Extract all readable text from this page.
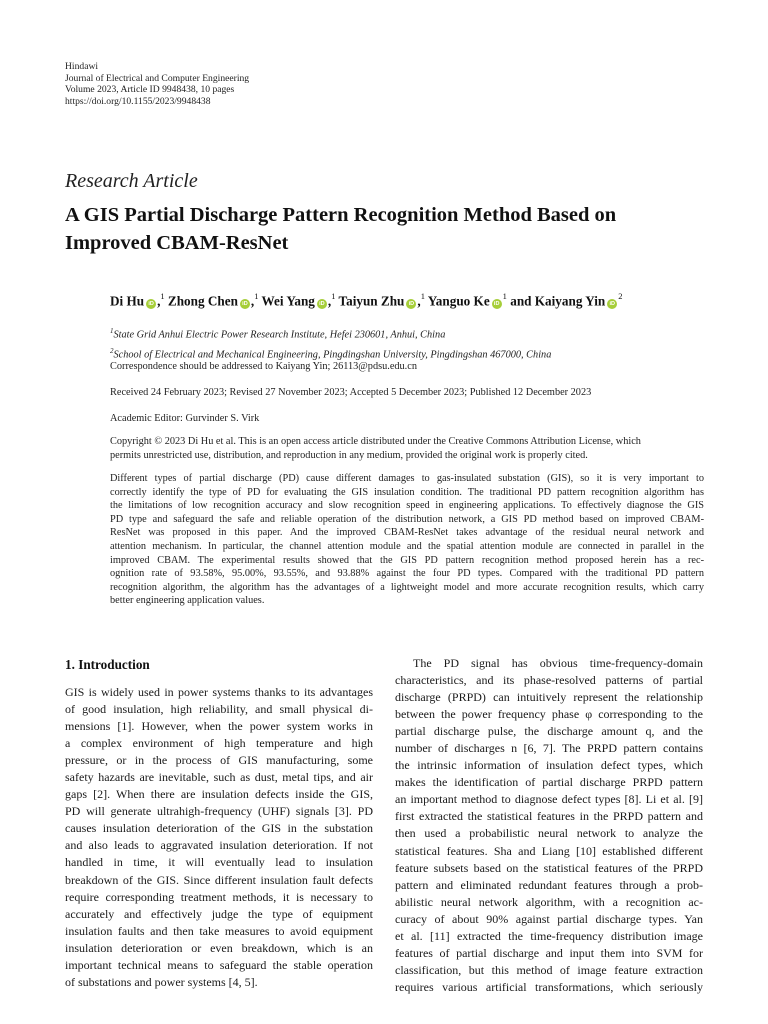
Hindawi
Journal of Electrical and Computer Engineering
Volume 2023, Article ID 9948438, 10 pages
https://doi.org/10.1155/2023/9948438
Research Article
A GIS Partial Discharge Pattern Recognition Method Based on
Improved CBAM-ResNet
Di Hu iD ,$^1$ Zhong Chen iD ,$^1$ Wei Yang iD ,$^1$ Taiyun Zhu iD ,$^1$ Yanguo Ke $iD^1$ and Kaiyang Yin $iD^2$
$^1$State Grid Anhui Electric Power Research Institute, Hefei 230601, Anhui, China
$^2$School of Electrical and Mechanical Engineering, Pingdingshan University, Pingdingshan 467000, China
Correspondence should be addressed to Kaiyang Yin; 26113@pdsu.edu.cn
Received 24 February 2023; Revised 27 November 2023; Accepted 5 December 2023; Published 12 December 2023
Academic Editor: Gurvinder S. Virk
Copyright © 2023 Di Hu et al. This is an open access article distributed under the Creative Commons Attribution License, which
permits unrestricted use, distribution, and reproduction in any medium, provided the original work is properly cited.
Different types of partial discharge (PD) cause different damages to gas-insulated substation (GIS), so it is very important to
correctly identify the type of PD for evaluating the GIS insulation condition. The traditional PD pattern recognition algorithm has
the limitations of low recognition accuracy and slow recognition speed in engineering applications. To effectively diagnose the GIS
PD type and safeguard the safe and reliable operation of the distribution network, a GIS PD method based on improved CBAM-
ResNet was proposed in this paper. And the improved CBAM-ResNet takes advantage of the residual neural network and
attention mechanism. In particular, the channel attention module and the spatial attention module are connected in parallel in the
improved CBAM. The experimental results showed that the GIS PD pattern recognition method proposed herein has a rec-
ognition rate of 93.58%, 95.00%, 93.55%, and 93.88% against the four PD types. Compared with the traditional PD pattern
recognition algorithm, the algorithm has the advantages of a lightweight model and more accurate recognition results, which carry
better engineering application values.
1. Introduction
GIS is widely used in power systems thanks to its advantages
of good insulation, high reliability, and small physical di-
mensions [1]. However, when the power system works in
a complex environment of high temperature and high
pressure, or in the process of GIS manufacturing, some
safety hazards are inevitable, such as dust, metal tips, and air
gaps [2]. When there are insulation defects inside the GIS,
PD will generate ultrahigh-frequency (UHF) signals [3]. PD
causes insulation deterioration of the GIS in the substation
and also leads to aggravated insulation deterioration. If not
handled in time, it will eventually lead to insulation
breakdown of the GIS. Since different insulation fault defects
require corresponding treatment methods, it is necessary to
accurately and effectively judge the type of equipment
insulation faults and then take measures to avoid equipment
insulation deterioration or even breakdown, which is an
important technical means to safeguard the stable operation
of substations and power systems [4, 5].
The PD signal has obvious time-frequency-domain
characteristics, and its phase-resolved patterns of partial
discharge (PRPD) can intuitively represent the relationship
between the power frequency phase φ corresponding to the
partial discharge pulse, the discharge amount q, and the
number of discharges n [6, 7]. The PRPD pattern contains
the intrinsic information of insulation defect types, which
makes the identification of partial discharge PRPD pattern
an important method to diagnose defect types [8]. Li et al. [9]
first extracted the statistical features in the PRPD pattern and
then used a probabilistic neural network to analyze the
statistical features. Sha and Liang [10] established different
feature subsets based on the statistical features of the PRPD
pattern and eliminated redundant features through a prob-
abilistic neural network algorithm, with a recognition ac-
curacy of about 90% against partial discharge types. Yan
et al. [11] extracted the time-frequency distribution image
features of partial discharge and input them into SVM for
classification, but this method of image feature extraction
requires various artificial transformations, which seriously
